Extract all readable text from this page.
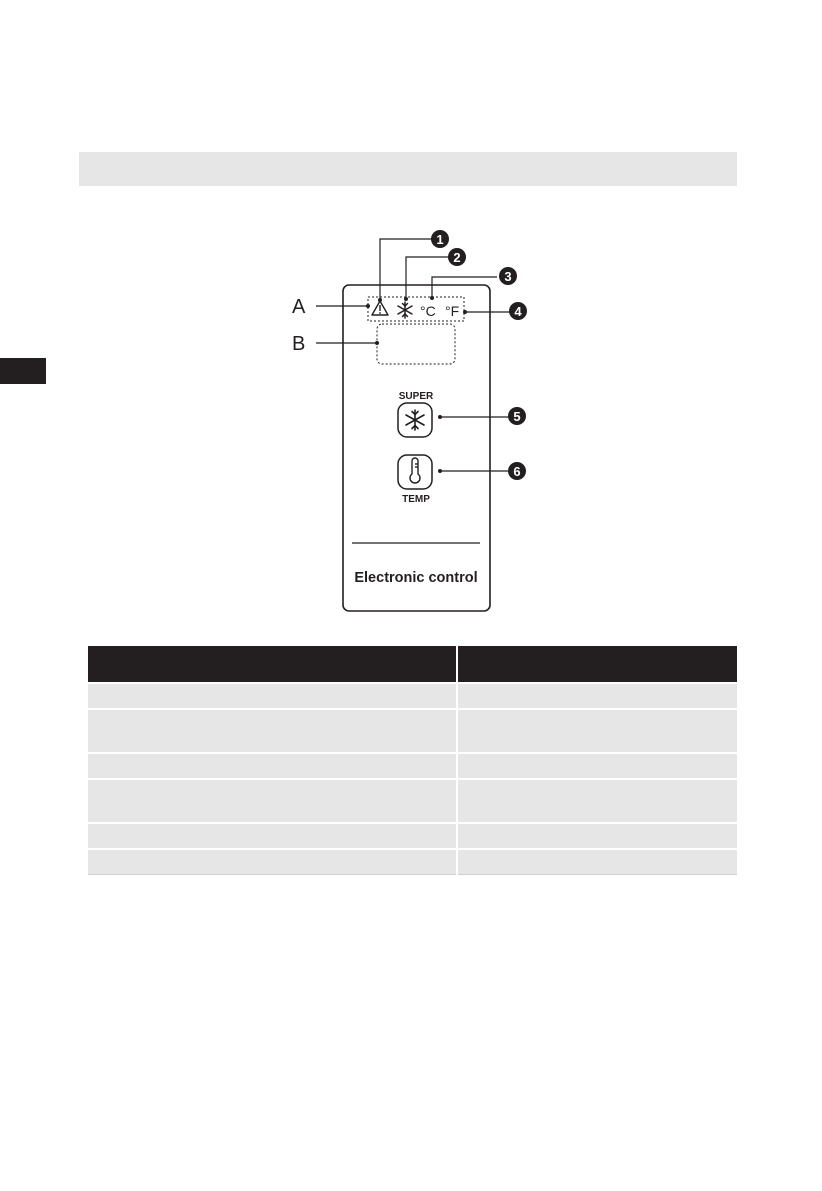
°C °F
1
2
3
4
5
6
A
B
SUPER
TEMP
Electronic control
